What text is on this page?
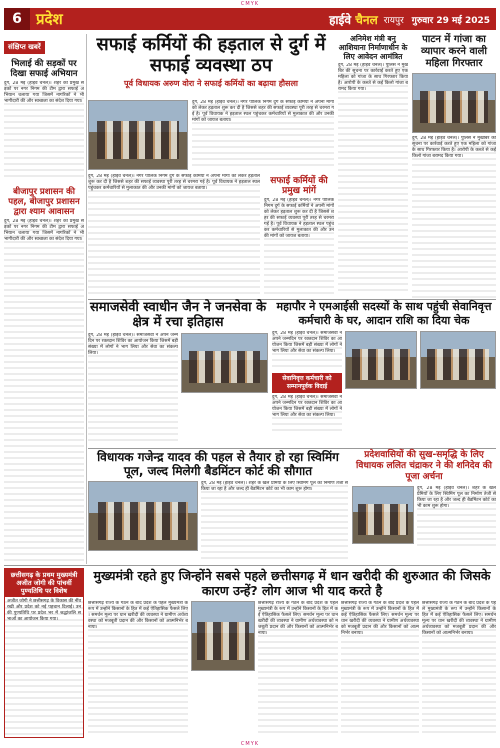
CMYK
6 प्रदेश	हाईवे चैनल रायपुर गुरुवार 29 मई 2025
संक्षिप्त खबरें
भिलाई की सड़कों पर दिखा सफाई अभियान
दुर्ग, 28 मई (हाईवे चैनल)। शहर की प्रमुख सड़कों पर नगर निगम की टीम द्वारा सफाई अभियान चलाया गया जिसमें नागरिकों ने भी भागीदारी की और स्वच्छता का संदेश दिया गया।
बीजापुर प्रशासन की पहल, बीजापुर प्रशासन द्वारा श्याम आवासन
दुर्ग, 28 मई (हाईवे चैनल)। शहर की प्रमुख सड़कों पर नगर निगम की टीम द्वारा सफाई अभियान चलाया गया जिसमें नागरिकों ने भी भागीदारी की और स्वच्छता का संदेश दिया गया।
सफाई कर्मियों की हड़ताल से दुर्ग में सफाई व्यवस्था ठप
पूर्व विधायक अरुण वोरा ने सफाई कर्मियों का बढ़ाया हौसला
दुर्ग, 28 मई (हाईवे चैनल)। नगर पालिक निगम दुर्ग के सफाई कर्मियों ने अपनी मांगों को लेकर हड़ताल शुरू कर दी है जिससे शहर की सफाई व्यवस्था पूरी तरह से चरमरा गई है। पूर्व विधायक ने हड़ताल स्थल पहुंचकर कर्मचारियों से मुलाकात की और उनकी मांगों को जायज बताया।
दुर्ग, 28 मई (हाईवे चैनल)। नगर पालिक निगम दुर्ग के सफाई कर्मियों ने अपनी मांगों को लेकर हड़ताल शुरू कर दी है जिससे शहर की सफाई व्यवस्था पूरी तरह से चरमरा गई है। पूर्व विधायक ने हड़ताल स्थल पहुंचकर कर्मचारियों से मुलाकात की और उनकी मांगों को जायज बताया।
सफाई कर्मियों की प्रमुख मांगें
दुर्ग, 28 मई (हाईवे चैनल)। नगर पालिक निगम दुर्ग के सफाई कर्मियों ने अपनी मांगों को लेकर हड़ताल शुरू कर दी है जिससे शहर की सफाई व्यवस्था पूरी तरह से चरमरा गई है। पूर्व विधायक ने हड़ताल स्थल पहुंचकर कर्मचारियों से मुलाकात की और उनकी मांगों को जायज बताया।
अनिमेश मंत्री बनु आशियाना निर्माणाधीन के लिए आवेदन आमंत्रित
दुर्ग, 28 मई (हाईवे चैनल)। पुलिस ने मुखबिर की सूचना पर कार्रवाई करते हुए एक महिला को गांजा के साथ गिरफ्तार किया है। आरोपी के कब्जे से कई किलो गांजा बरामद किया गया।
पाटन में गांजा का व्यापार करने वाली महिला गिरफ्तार
दुर्ग, 28 मई (हाईवे चैनल)। पुलिस ने मुखबिर की सूचना पर कार्रवाई करते हुए एक महिला को गांजा के साथ गिरफ्तार किया है। आरोपी के कब्जे से कई किलो गांजा बरामद किया गया।
समाजसेवी स्वाधीन जैन ने जनसेवा के क्षेत्र में रचा इतिहास
दुर्ग, 28 मई (हाईवे चैनल)। समाजसेवी ने अपने जन्मदिन पर रक्तदान शिविर का आयोजन किया जिसमें बड़ी संख्या में लोगों ने भाग लिया और सेवा का संकल्प लिया।
महापौर ने एमआईसी सदस्यों के साथ पहुंची सेवानिवृत्त कर्मचारी के घर, आदान राशि का दिया चेक
दुर्ग, 28 मई (हाईवे चैनल)। समाजसेवी ने अपने जन्मदिन पर रक्तदान शिविर का आयोजन किया जिसमें बड़ी संख्या में लोगों ने भाग लिया और सेवा का संकल्प लिया।
सेवानिवृत्त कर्मचारी को सम्मानपूर्वक विदाई
दुर्ग, 28 मई (हाईवे चैनल)। समाजसेवी ने अपने जन्मदिन पर रक्तदान शिविर का आयोजन किया जिसमें बड़ी संख्या में लोगों ने भाग लिया और सेवा का संकल्प लिया।
विधायक गजेन्द्र यादव की पहल से तैयार हो रहा स्विमिंग पूल, जल्द मिलेगी बैडमिंटन कोर्ट की सौगात
दुर्ग, 28 मई (हाईवे चैनल)। शहर के खेल प्रेमियों के लिए स्विमिंग पूल का निर्माण तेजी से किया जा रहा है और जल्द ही बैडमिंटन कोर्ट का भी काम शुरू होगा।
प्रदेशवासियों की सुख-समृद्धि के लिए विधायक ललित चंद्राकर ने की शनिदेव की पूजा अर्चना
दुर्ग, 28 मई (हाईवे चैनल)। शहर के खेल प्रेमियों के लिए स्विमिंग पूल का निर्माण तेजी से किया जा रहा है और जल्द ही बैडमिंटन कोर्ट का भी काम शुरू होगा।
छत्तीसगढ़ के प्रथम मुख्यमंत्री अजीत जोगी की पांचवीं पुण्यतिथि पर विशेष
अजीत जोगी ने छत्तीसगढ़ के विकास की नींव रखी और प्रदेश को नई पहचान दिलाई। उनकी पुण्यतिथि पर प्रदेश भर में श्रद्धांजलि सभाओं का आयोजन किया गया।
मुख्यमंत्री रहते हुए जिन्होंने सबसे पहले छत्तीसगढ़ में धान खरीदी की शुरुआत की जिसके कारण उन्हें? लोग आज भी याद करते है
छत्तीसगढ़ राज्य के गठन के बाद प्रदेश के पहले मुख्यमंत्री के रूप में उन्होंने किसानों के हित में कई ऐतिहासिक फैसले लिए। समर्थन मूल्य पर धान खरीदी की व्यवस्था ने ग्रामीण अर्थव्यवस्था को मजबूती प्रदान की और किसानों को आत्मनिर्भर बनाया।
छत्तीसगढ़ राज्य के गठन के बाद प्रदेश के पहले मुख्यमंत्री के रूप में उन्होंने किसानों के हित में कई ऐतिहासिक फैसले लिए। समर्थन मूल्य पर धान खरीदी की व्यवस्था ने ग्रामीण अर्थव्यवस्था को मजबूती प्रदान की और किसानों को आत्मनिर्भर बनाया।
छत्तीसगढ़ राज्य के गठन के बाद प्रदेश के पहले मुख्यमंत्री के रूप में उन्होंने किसानों के हित में कई ऐतिहासिक फैसले लिए। समर्थन मूल्य पर धान खरीदी की व्यवस्था ने ग्रामीण अर्थव्यवस्था को मजबूती प्रदान की और किसानों को आत्मनिर्भर बनाया।
छत्तीसगढ़ राज्य के गठन के बाद प्रदेश के पहले मुख्यमंत्री के रूप में उन्होंने किसानों के हित में कई ऐतिहासिक फैसले लिए। समर्थन मूल्य पर धान खरीदी की व्यवस्था ने ग्रामीण अर्थव्यवस्था को मजबूती प्रदान की और किसानों को आत्मनिर्भर बनाया।
CMYK
